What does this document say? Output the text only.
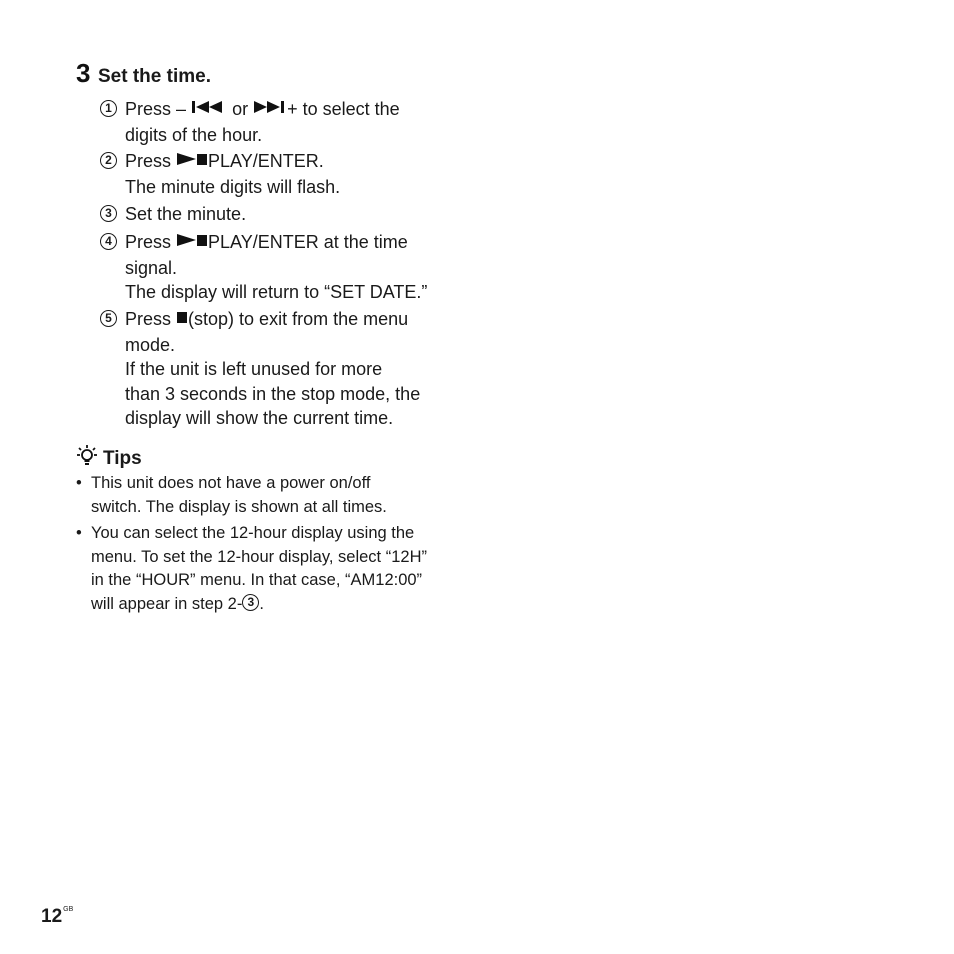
3 Set the time.
1 Press –	or + to select the
digits of the hour.
2 Press PLAY/ENTER.
The minute digits will flash.
3 Set the minute.
4 Press PLAY/ENTER at the time
signal.
The display will return to “SET DATE.”
5 Press (stop) to exit from the menu
mode.
If the unit is left unused for more
than 3 seconds in the stop mode, the
display will show the current time.
Tips
• This unit does not have a power on/off
switch. The display is shown at all times.
• You can select the 12-hour display using the
menu. To set the 12-hour display, select “12H”
in the “HOUR” menu. In that case, “AM12:00”
will appear in step 2- 3 .
$12^{GB}$
